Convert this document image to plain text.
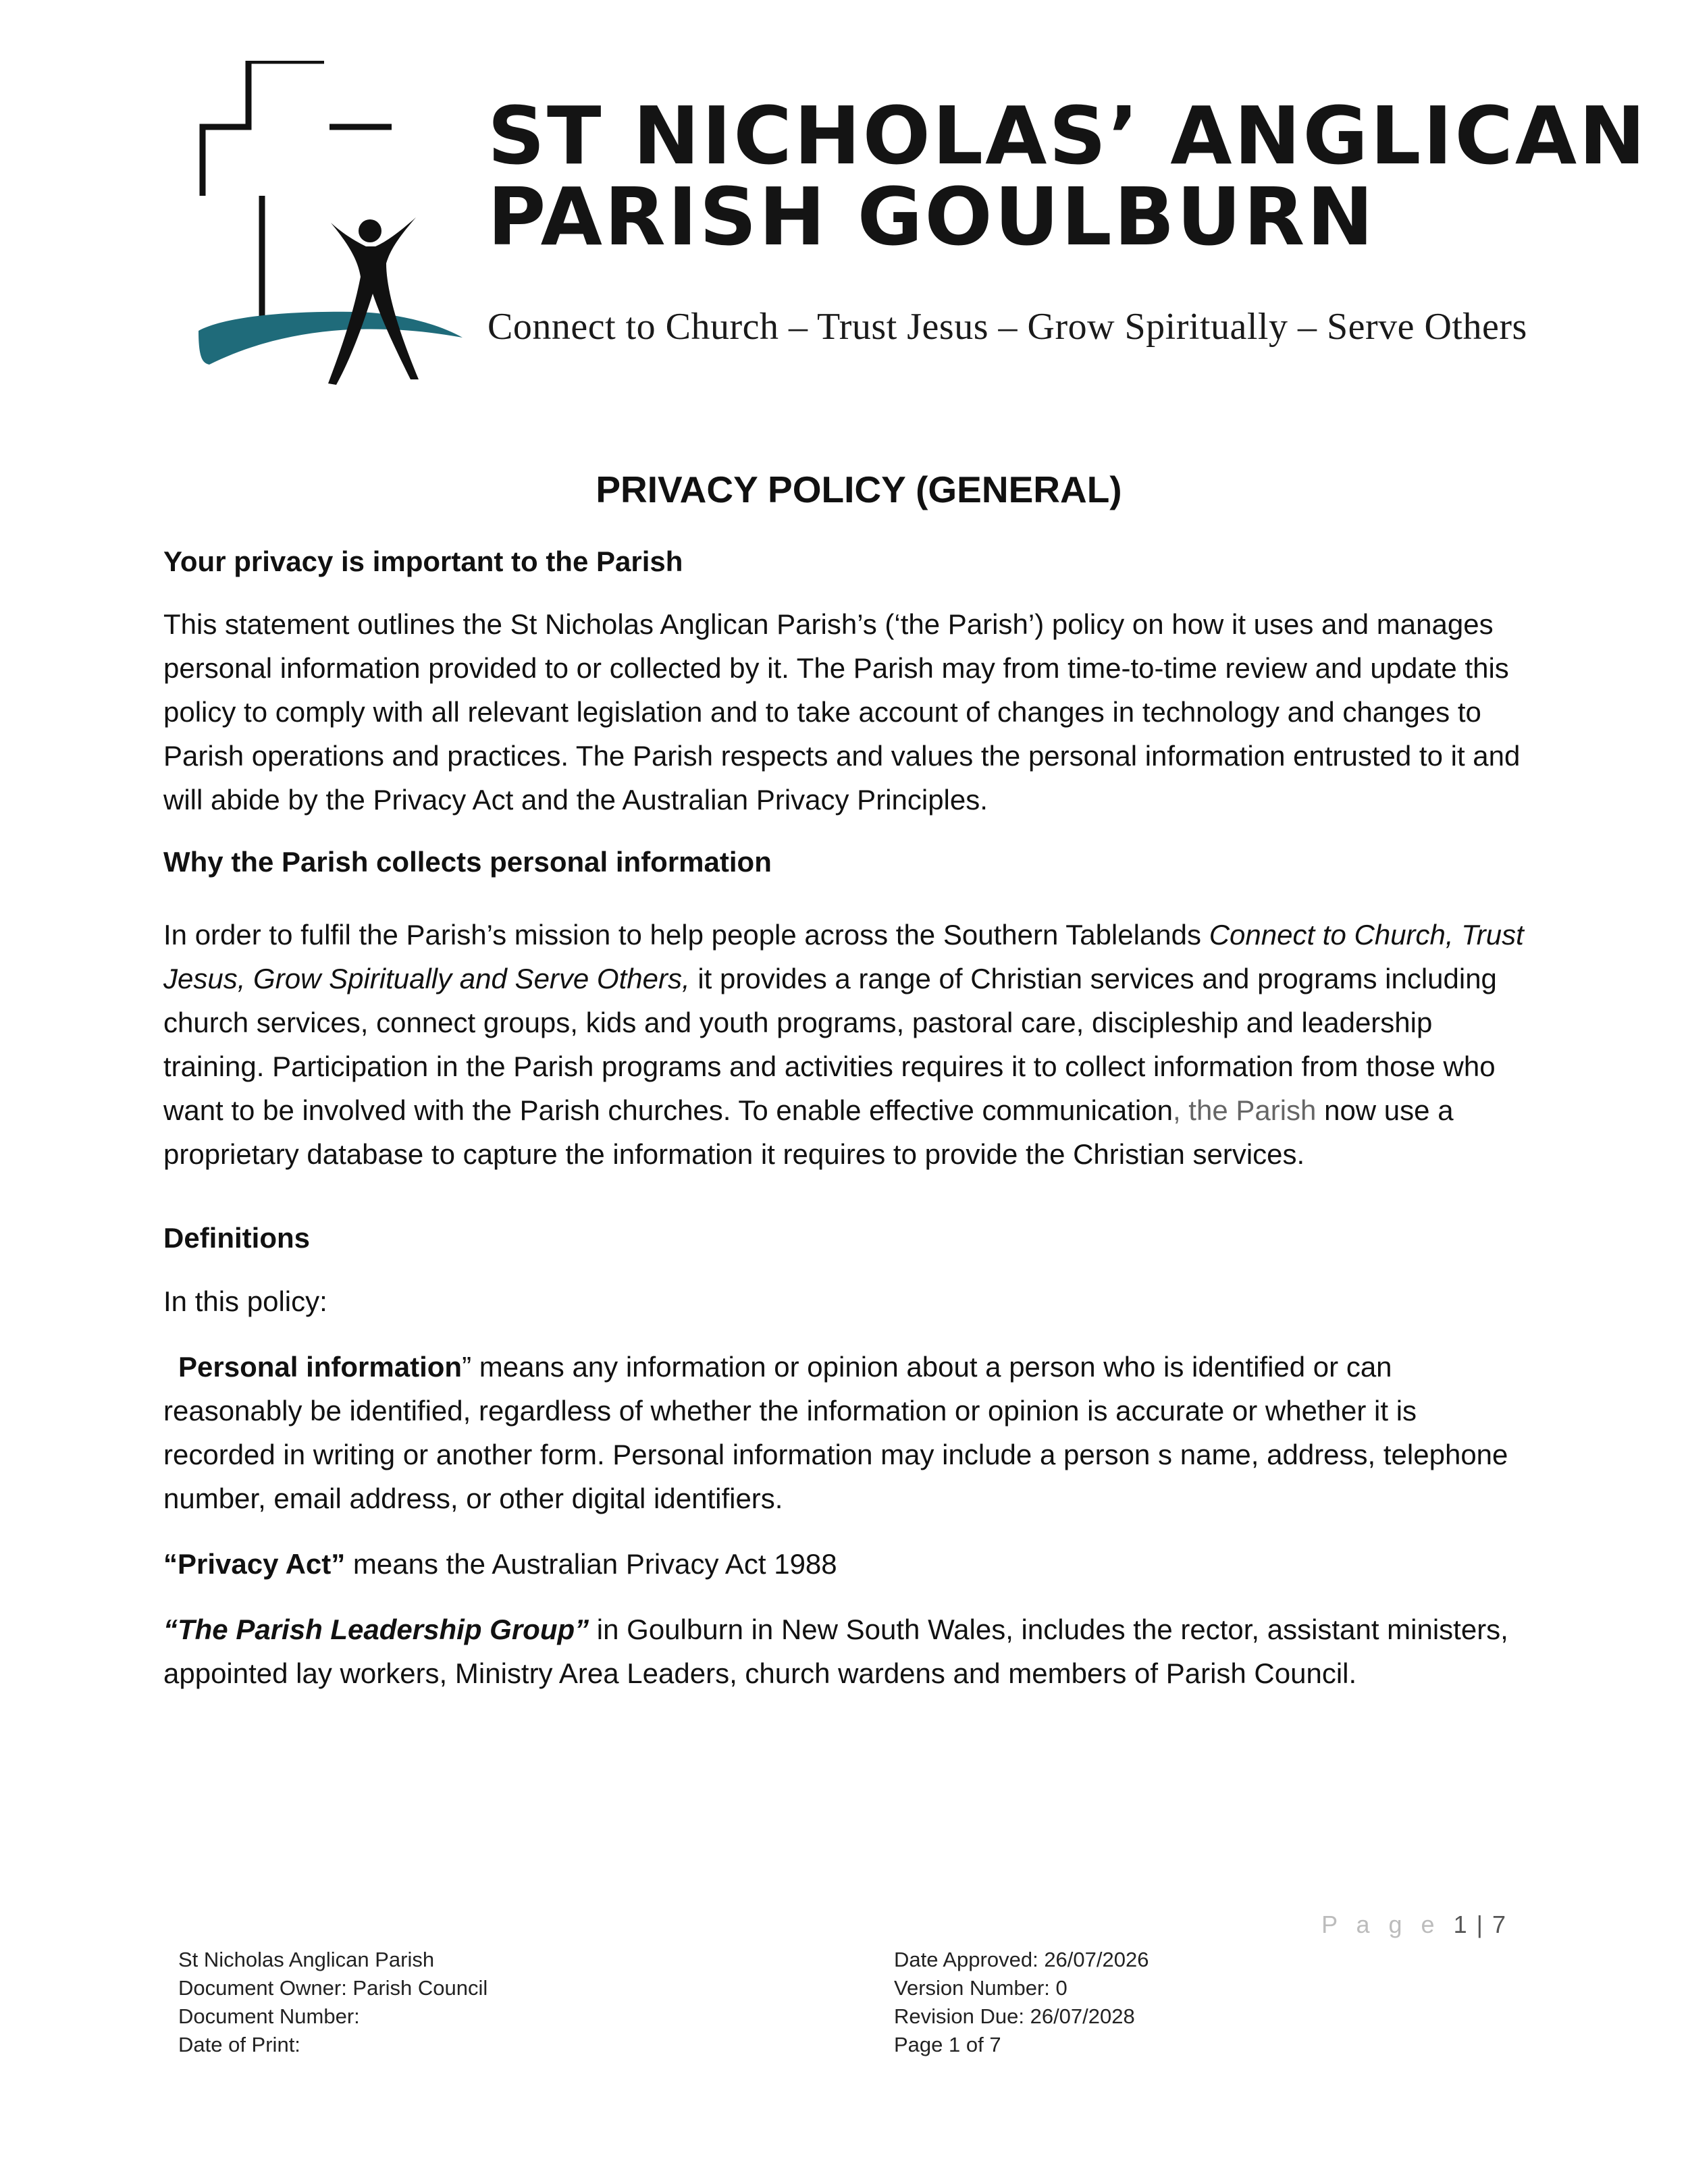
ST NICHOLAS’ ANGLICAN
PARISH GOULBURN
Connect to Church – Trust Jesus – Grow Spiritually – Serve Others
PRIVACY POLICY (GENERAL)
Your privacy is important to the Parish

This statement outlines the St Nicholas Anglican Parish’s (‘the Parish’) policy on how it uses and manages personal information provided to or collected by it. The Parish may from time-to-time review and update this policy to comply with all relevant legislation and to take account of changes in technology and changes to Parish operations and practices. The Parish respects and values the personal information entrusted to it and will abide by the Privacy Act and the Australian Privacy Principles.

Why the Parish collects personal information

In order to fulfil the Parish’s mission to help people across the Southern Tablelands Connect to Church, Trust Jesus, Grow Spiritually and Serve Others, it provides a range of Christian services and programs including church services, connect groups, kids and youth programs, pastoral care, discipleship and leadership training. Participation in the Parish programs and activities requires it to collect information from those who want to be involved with the Parish churches. To enable effective communication, the Parish now use a proprietary database to capture the information it requires to provide the Christian services.

Definitions

In this policy:

Personal information” means any information or opinion about a person who is identified or can reasonably be identified, regardless of whether the information or opinion is accurate or whether it is recorded in writing or another form. Personal information may include a person s name, address, telephone number, email address, or other digital identifiers.

“Privacy Act” means the Australian Privacy Act 1988

“The Parish Leadership Group” in Goulburn in New South Wales, includes the rector, assistant ministers, appointed lay workers, Ministry Area Leaders, church wardens and members of Parish Council.

P a g e 1 | 7
St Nicholas Anglican Parish
Document Owner: Parish Council
Document Number:
Date of Print:
Date Approved: 26/07/2026
Version Number: 0
Revision Due: 26/07/2028
Page 1 of 7
